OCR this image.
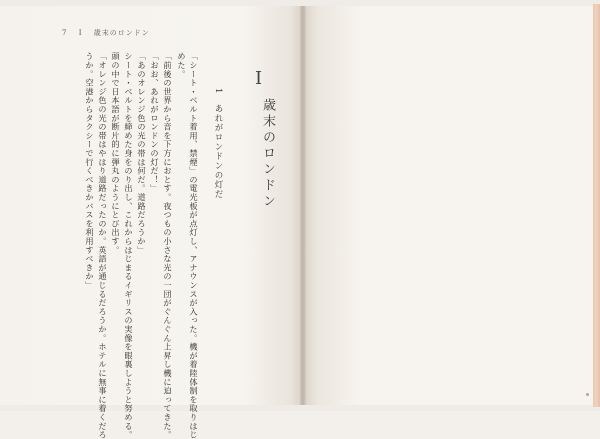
7 I 歳末のロンドン
「シート・ベルト着用、禁煙」の電光板が点灯し、アナウンスが入った。機が着陸体制を取りはじ
めた。
「前後の世界から音を下方におとす。夜つもの小さな光の一団がぐんぐん上昇し機に迫ってきた。
「おお、あれがロンドンの灯だ！」
「あのオレンジ色の光の帯は何だ。道路だろうか」
シート・ベルトを締めた身をのり出し、これからはじまるイギリスの実像を眼裏しようと努める。
頭の中で日本語が断片的に弾丸のようにとび出す。
「オレンジ色の光の帯はやはり道路だったのか。英語が通じるだろうか。ホテルに無事に着くだろ
うか。空港からタクシーで行くべきかバスを利用すべきか」	1　あれがロンドンの灯だ
I
歳末のロンドン
